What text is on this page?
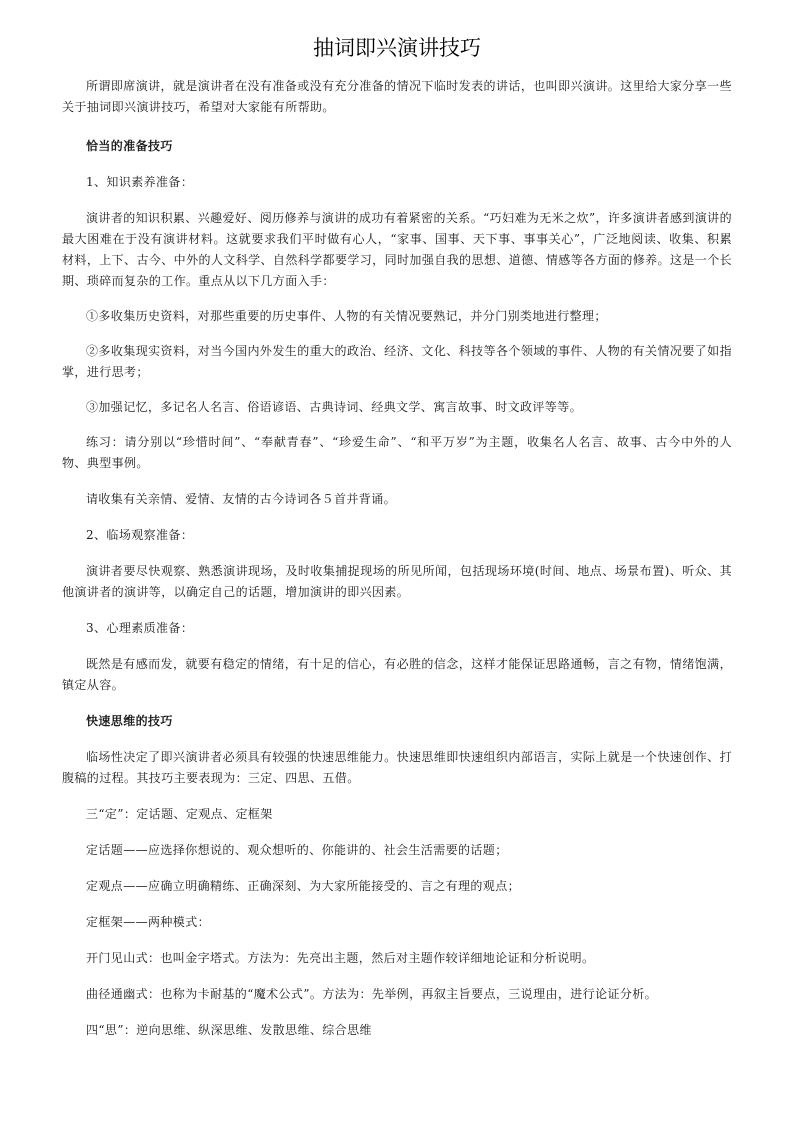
抽词即兴演讲技巧

所谓即席演讲，就是演讲者在没有准备或没有充分准备的情况下临时发表的讲话，也叫即兴演讲。这里给大家分享一些关于抽词即兴演讲技巧，希望对大家能有所帮助。

恰当的准备技巧

1、知识素养准备：

演讲者的知识积累、兴趣爱好、阅历修养与演讲的成功有着紧密的关系。“巧妇难为无米之炊”，许多演讲者感到演讲的最大困难在于没有演讲材料。这就要求我们平时做有心人，“家事、国事、天下事、事事关心”，广泛地阅读、收集、积累材料，上下、古今、中外的人文科学、自然科学都要学习，同时加强自我的思想、道德、情感等各方面的修养。这是一个长期、琐碎而复杂的工作。重点从以下几方面入手：

①多收集历史资料，对那些重要的历史事件、人物的有关情况要熟记，并分门别类地进行整理；

②多收集现实资料，对当今国内外发生的重大的政治、经济、文化、科技等各个领域的事件、人物的有关情况要了如指掌，进行思考；

③加强记忆，多记名人名言、俗语谚语、古典诗词、经典文学、寓言故事、时文政评等等。

练习：请分别以“珍惜时间”、“奉献青春”、“珍爱生命”、“和平万岁”为主题，收集名人名言、故事、古今中外的人物、典型事例。

请收集有关亲情、爱情、友情的古今诗词各５首并背诵。

2、临场观察准备：

演讲者要尽快观察、熟悉演讲现场，及时收集捕捉现场的所见所闻，包括现场环境(时间、地点、场景布置)、听众、其他演讲者的演讲等，以确定自己的话题，增加演讲的即兴因素。

3、心理素质准备：

既然是有感而发，就要有稳定的情绪，有十足的信心，有必胜的信念，这样才能保证思路通畅，言之有物，情绪饱满，镇定从容。

快速思维的技巧

临场性决定了即兴演讲者必须具有较强的快速思维能力。快速思维即快速组织内部语言，实际上就是一个快速创作、打腹稿的过程。其技巧主要表现为：三定、四思、五借。

三“定”：定话题、定观点、定框架

定话题——应选择你想说的、观众想听的、你能讲的、社会生活需要的话题；

定观点——应确立明确精练、正确深刻、为大家所能接受的、言之有理的观点；

定框架——两种模式：

开门见山式：也叫金字塔式。方法为：先亮出主题，然后对主题作较详细地论证和分析说明。

曲径通幽式：也称为卡耐基的“魔术公式”。方法为：先举例，再叙主旨要点，三说理由，进行论证分析。

四“思”：逆向思维、纵深思维、发散思维、综合思维
